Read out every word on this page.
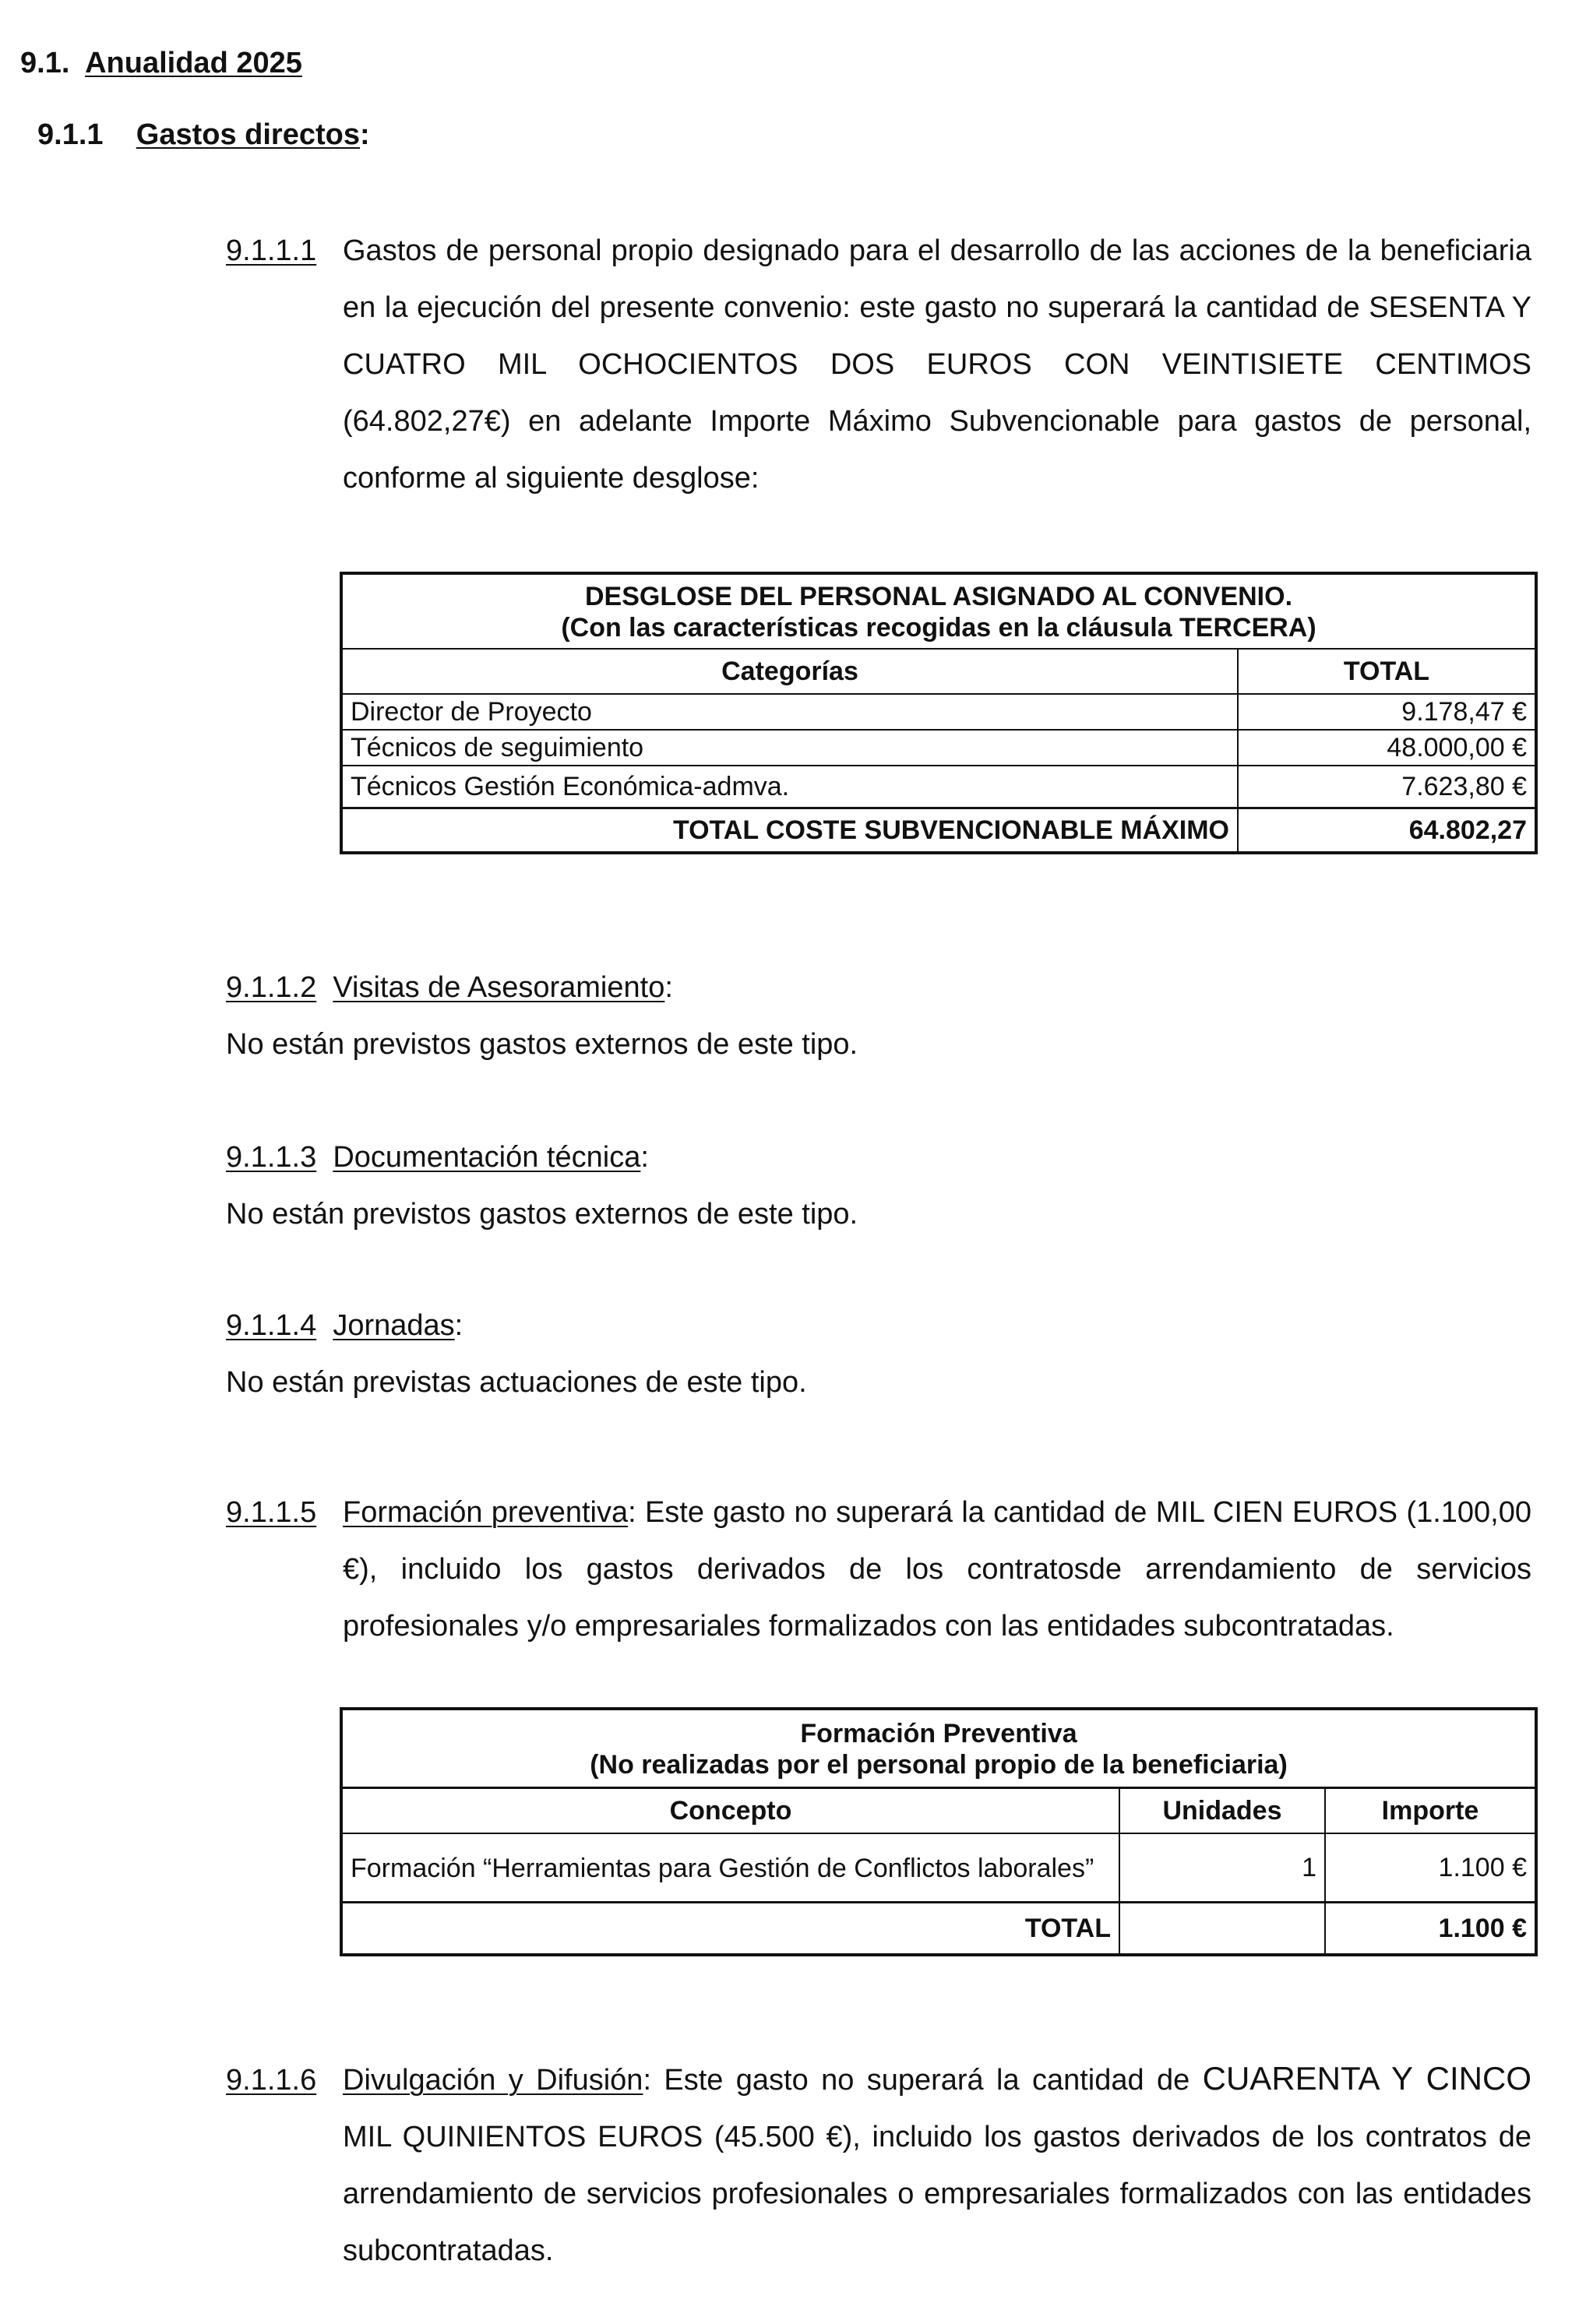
9.1. Anualidad 2025
9.1.1 Gastos directos:
9.1.1.1 Gastos de personal propio designado para el desarrollo de las acciones de la beneficiaria en la ejecución del presente convenio: este gasto no superará la cantidad de SESENTA Y CUATRO MIL OCHOCIENTOS DOS EUROS CON VEINTISIETE CENTIMOS (64.802,27€) en adelante Importe Máximo Subvencionable para gastos de personal, conforme al siguiente desglose:
DESGLOSE DEL PERSONAL ASIGNADO AL CONVENIO.
(Con las características recogidas en la cláusula TERCERA)	

Categorías	TOTAL
Director de Proyecto	9.178,47 €
Técnicos de seguimiento	48.000,00 €
Técnicos Gestión Económica-admva.	7.623,80 €
TOTAL COSTE SUBVENCIONABLE MÁXIMO	64.802,27
9.1.1.2 Visitas de Asesoramiento:
No están previstos gastos externos de este tipo.
9.1.1.3 Documentación técnica:
No están previstos gastos externos de este tipo.
9.1.1.4 Jornadas:
No están previstas actuaciones de este tipo.
9.1.1.5 Formación preventiva: Este gasto no superará la cantidad de MIL CIEN EUROS (1.100,00 €), incluido los gastos derivados de los contratosde arrendamiento de servicios profesionales y/o empresariales formalizados con las entidades subcontratadas.
Formación Preventiva
(No realizadas por el personal propio de la beneficiaria)		

Concepto	Unidades	Importe
Formación “Herramientas para Gestión de Conflictos laborales”	1	1.100 €
TOTAL		1.100 €
9.1.1.6 Divulgación y Difusión: Este gasto no superará la cantidad de CUARENTA Y CINCO MIL QUINIENTOS EUROS (45.500 €), incluido los gastos derivados de los contratos de arrendamiento de servicios profesionales o empresariales formalizados con las entidades subcontratadas.
